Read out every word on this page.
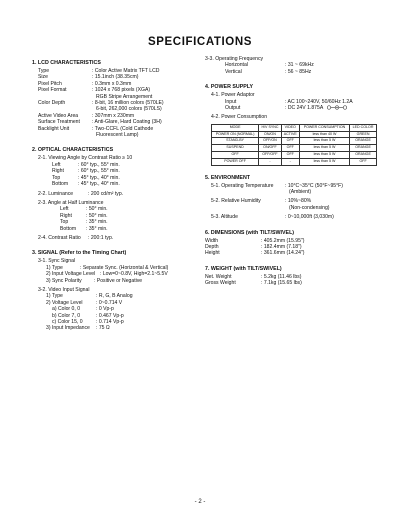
SPECIFICATIONS
1. LCD CHARACTERISTICS
Type	: Color Active Matrix TFT LCD
Size	: 15.1inch (38.35cm)
Pixel Pitch	: 0.3mm x 0.3mm
Pixel Format	: 1024 x 768 pixels (XGA)
RGB Stripe Arrangement
Color Depth	: 8-bit, 16 million colors (570LE)
6-bit, 262,000 colors (570LS)
Active Video Area	: 307mm x 230mm
Surface Treatment	: Anti-Glare, Hard Coating (3H)
Backlight Unit	: Two-CCFL (Cold Cathode
Fluorescent Lamp)
2. OPTICAL CHARACTERISTICS
2-1. Viewing Angle by Contrast Ratio ≥ 10
Left	: 60° typ., 55° min.
Right	: 60° typ., 55° min.
Top	: 45° typ., 40° min.
Bottom	: 45° typ., 40° min.
2-2. Luminance	: 200 cd/m² typ.
2-3. Angle at Half Luminance
Left	: 50° min.
Right	: 50° min.
Top	: 35° min.
Bottom	: 35° min.
2-4. Contrast Ratio	: 200:1 typ.
3. SIGNAL (Refer to the Timing Chart)
3-1. Sync Signal
1) Type	: Separate Sync. (Horizontal & Vertical)
2) Input Voltage Level : Low=0~0.8V, High=2.1~5.5V
3) Sync Polarity	: Positive or Negative
3-2. Video Input Signal
1) Type	: R, G, B Analog
2) Voltage Level	: 0~0.714 V
a) Color 0, 0	: 0 Vp-p
b) Color 7, 0	: 0.467 Vp-p
c) Color 15, 0	: 0.714 Vp-p
3) Input Impedance	: 75 Ω
3-3. Operating Frequency
Horizontal	: 31 ~ 69kHz
Vertical	: 56 ~ 85Hz
4. POWER SUPPLY
4-1. Power Adaptor
Input	: AC 100~240V, 50/60Hz 1.2A
Output	: DC 24V 1.875A
4-2. Power Consumption
MODE	H/V SYNC	VIDEO	POWER CONSUMPTION	LED COLOR
POWER ON (NORMAL)	ON/ON	ACTIVE	less than 40 W	GREEN
STAND-BY	OFF/ON	OFF	less than 5 W	ORANGE
SUSPEND	ON/OFF	OFF	less than 5 W	ORANGE
OFF	OFF/OFF	OFF	less than 5 W	ORANGE
POWER OFF	-	-	less than 5 W	OFF
5. ENVIRONMENT
5-1. Operating Temperature	: 10°C~35°C (50°F~95°F)
(Ambient)
5-2. Relative Humidity	: 10%~80%
(Non-condensing)
5-3. Altitude	: 0~10,000ft (3,030m)
6. DIMENSIONS (with TILT/SWIVEL)
Width	: 405.2mm (15.95")
Depth	: 182.4mm (7.18")
Height	: 361.6mm (14.24")
7. WEIGHT (with TILT/SWIVEL)
Net. Weight	: 5.2kg (11.46 lbs)
Gross Weight	: 7.1kg (15.65 lbs)
- 2 -
